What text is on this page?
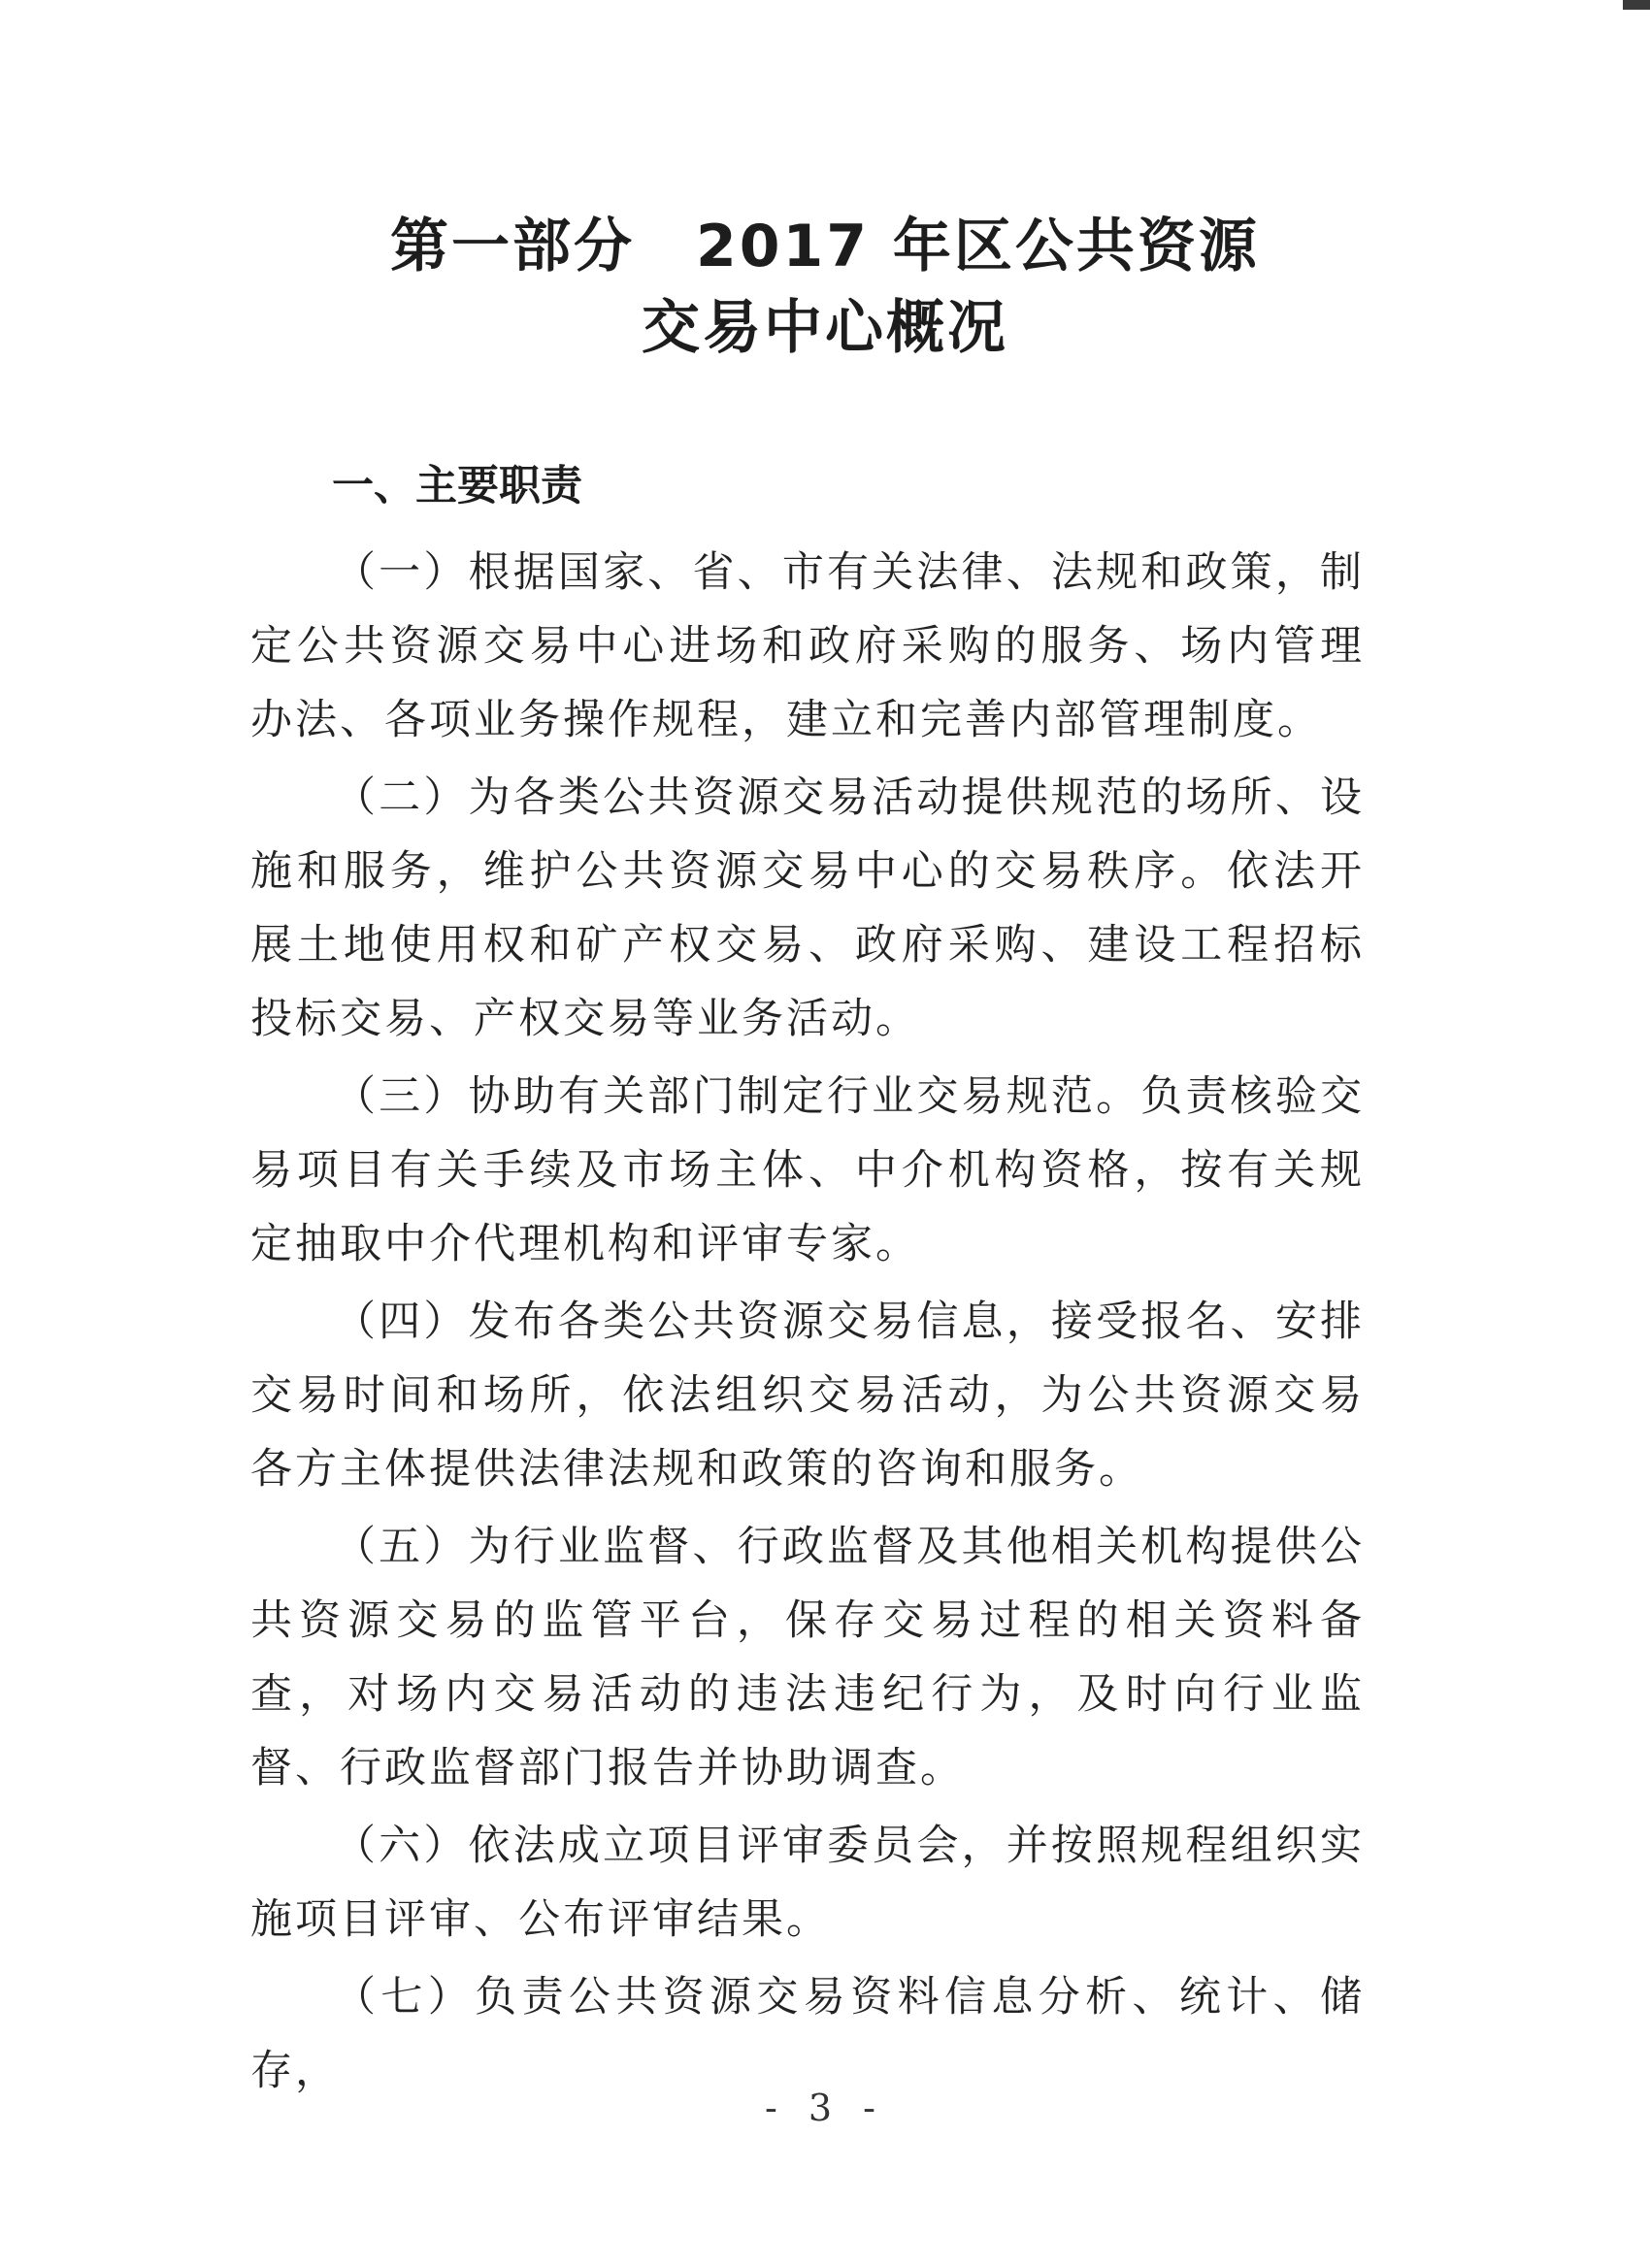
第一部分　2017 年区公共资源
交易中心概况
一、主要职责

（一）根据国家、省、市有关法律、法规和政策，制定公共资源交易中心进场和政府采购的服务、场内管理办法、各项业务操作规程，建立和完善内部管理制度。

（二）为各类公共资源交易活动提供规范的场所、设施和服务，维护公共资源交易中心的交易秩序。依法开展土地使用权和矿产权交易、政府采购、建设工程招标投标交易、产权交易等业务活动。

（三）协助有关部门制定行业交易规范。负责核验交易项目有关手续及市场主体、中介机构资格，按有关规定抽取中介代理机构和评审专家。

（四）发布各类公共资源交易信息，接受报名、安排交易时间和场所，依法组织交易活动，为公共资源交易各方主体提供法律法规和政策的咨询和服务。

（五）为行业监督、行政监督及其他相关机构提供公共资源交易的监管平台，保存交易过程的相关资料备查，对场内交易活动的违法违纪行为，及时向行业监督、行政监督部门报告并协助调查。

（六）依法成立项目评审委员会，并按照规程组织实施项目评审、公布评审结果。

（七）负责公共资源交易资料信息分析、统计、储存，

- 3 -
